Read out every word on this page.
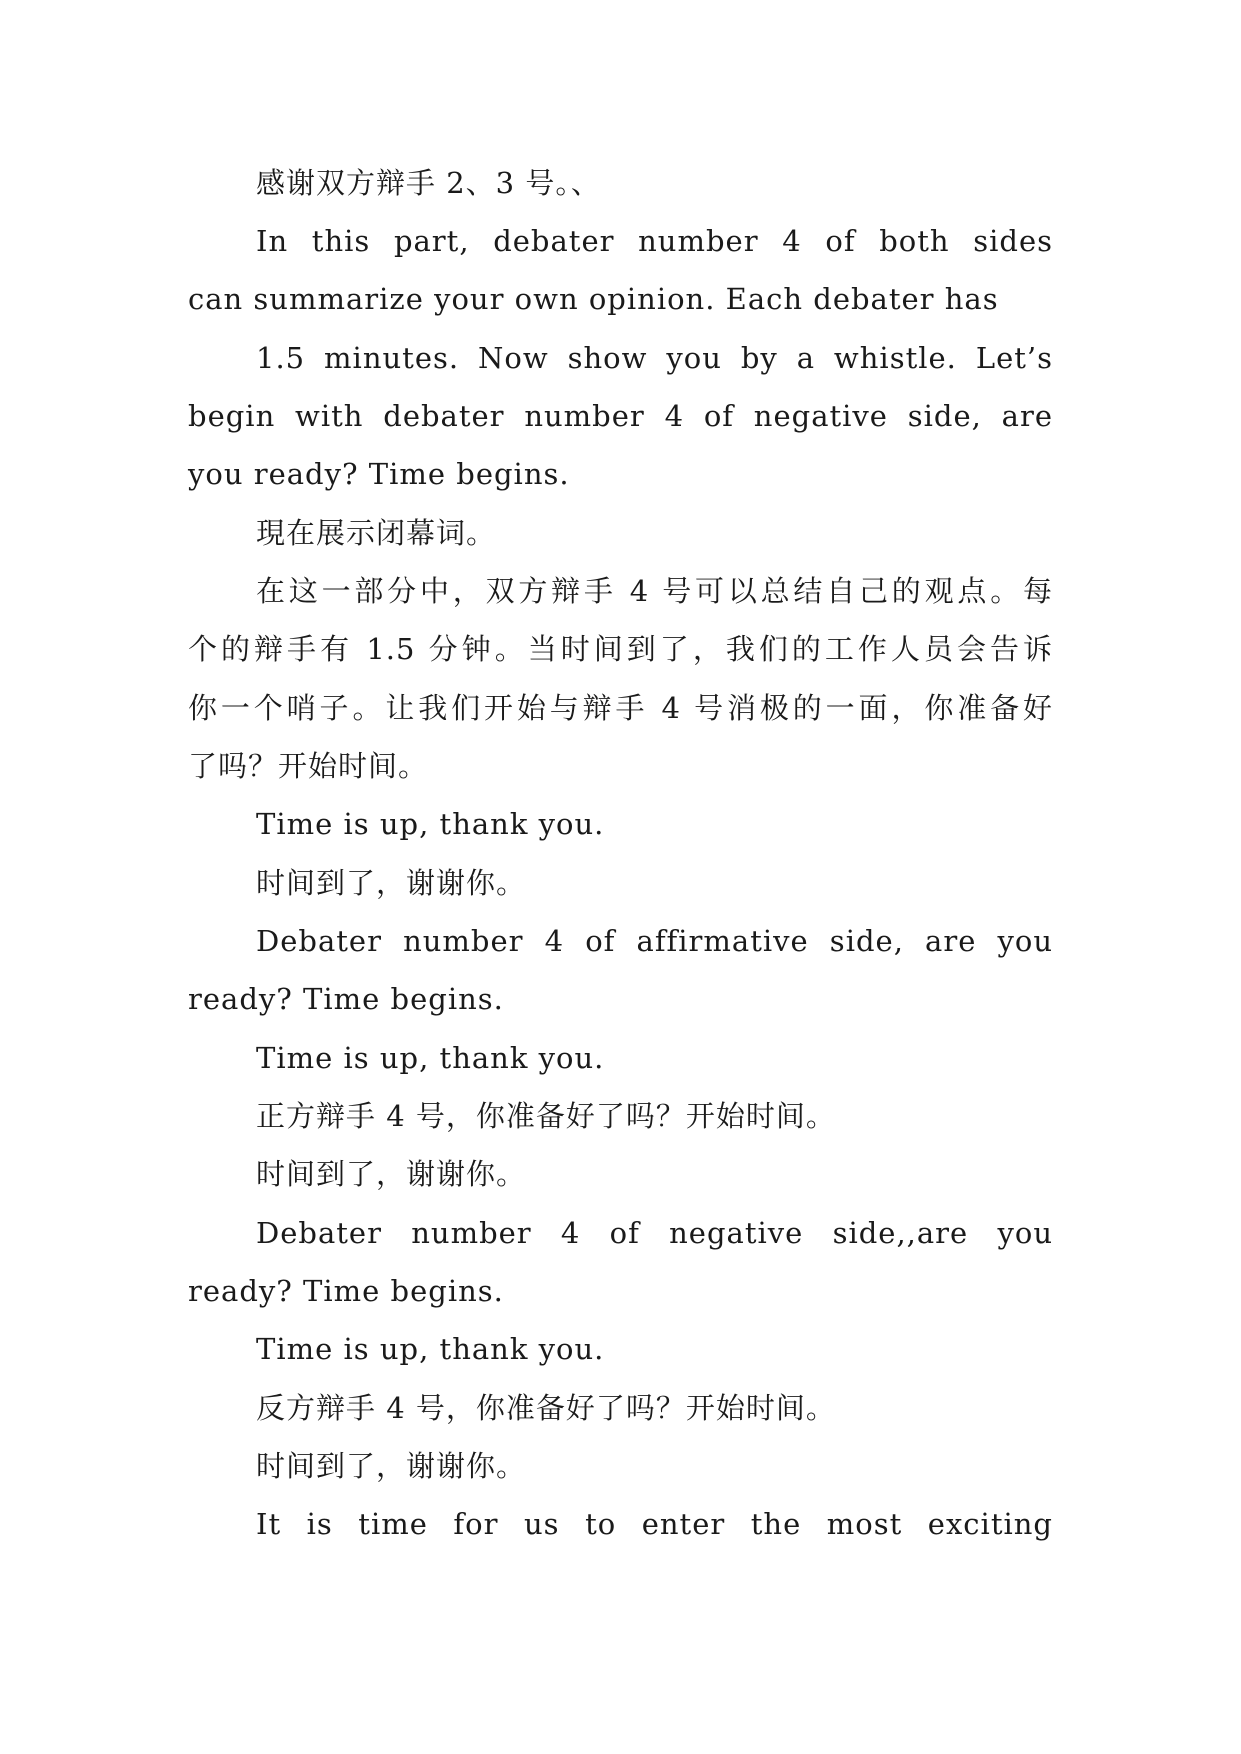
感谢双方辩手 2、3 号。、
In this part, debater number 4 of both sides
can summarize your own opinion. Each debater has
1.5 minutes. Now show you by a whistle. Let’s
begin with debater number 4 of negative side, are
you ready? Time begins.
現在展示闭幕词。
在这一部分中，双方辩手 4 号可以总结自己的观点。每
个的辩手有 1.5 分钟。当时间到了，我们的工作人员会告诉
你一个哨子。让我们开始与辩手 4 号消极的一面，你准备好
了吗？开始时间。
Time is up, thank you.
时间到了，谢谢你。
Debater number 4 of affirmative side, are you
ready? Time begins.
Time is up, thank you.
正方辩手 4 号，你准备好了吗？开始时间。
时间到了，谢谢你。
Debater number 4 of negative side,,are you
ready? Time begins.
Time is up, thank you.
反方辩手 4 号，你准备好了吗？开始时间。
时间到了，谢谢你。
It is time for us to enter the most exciting
